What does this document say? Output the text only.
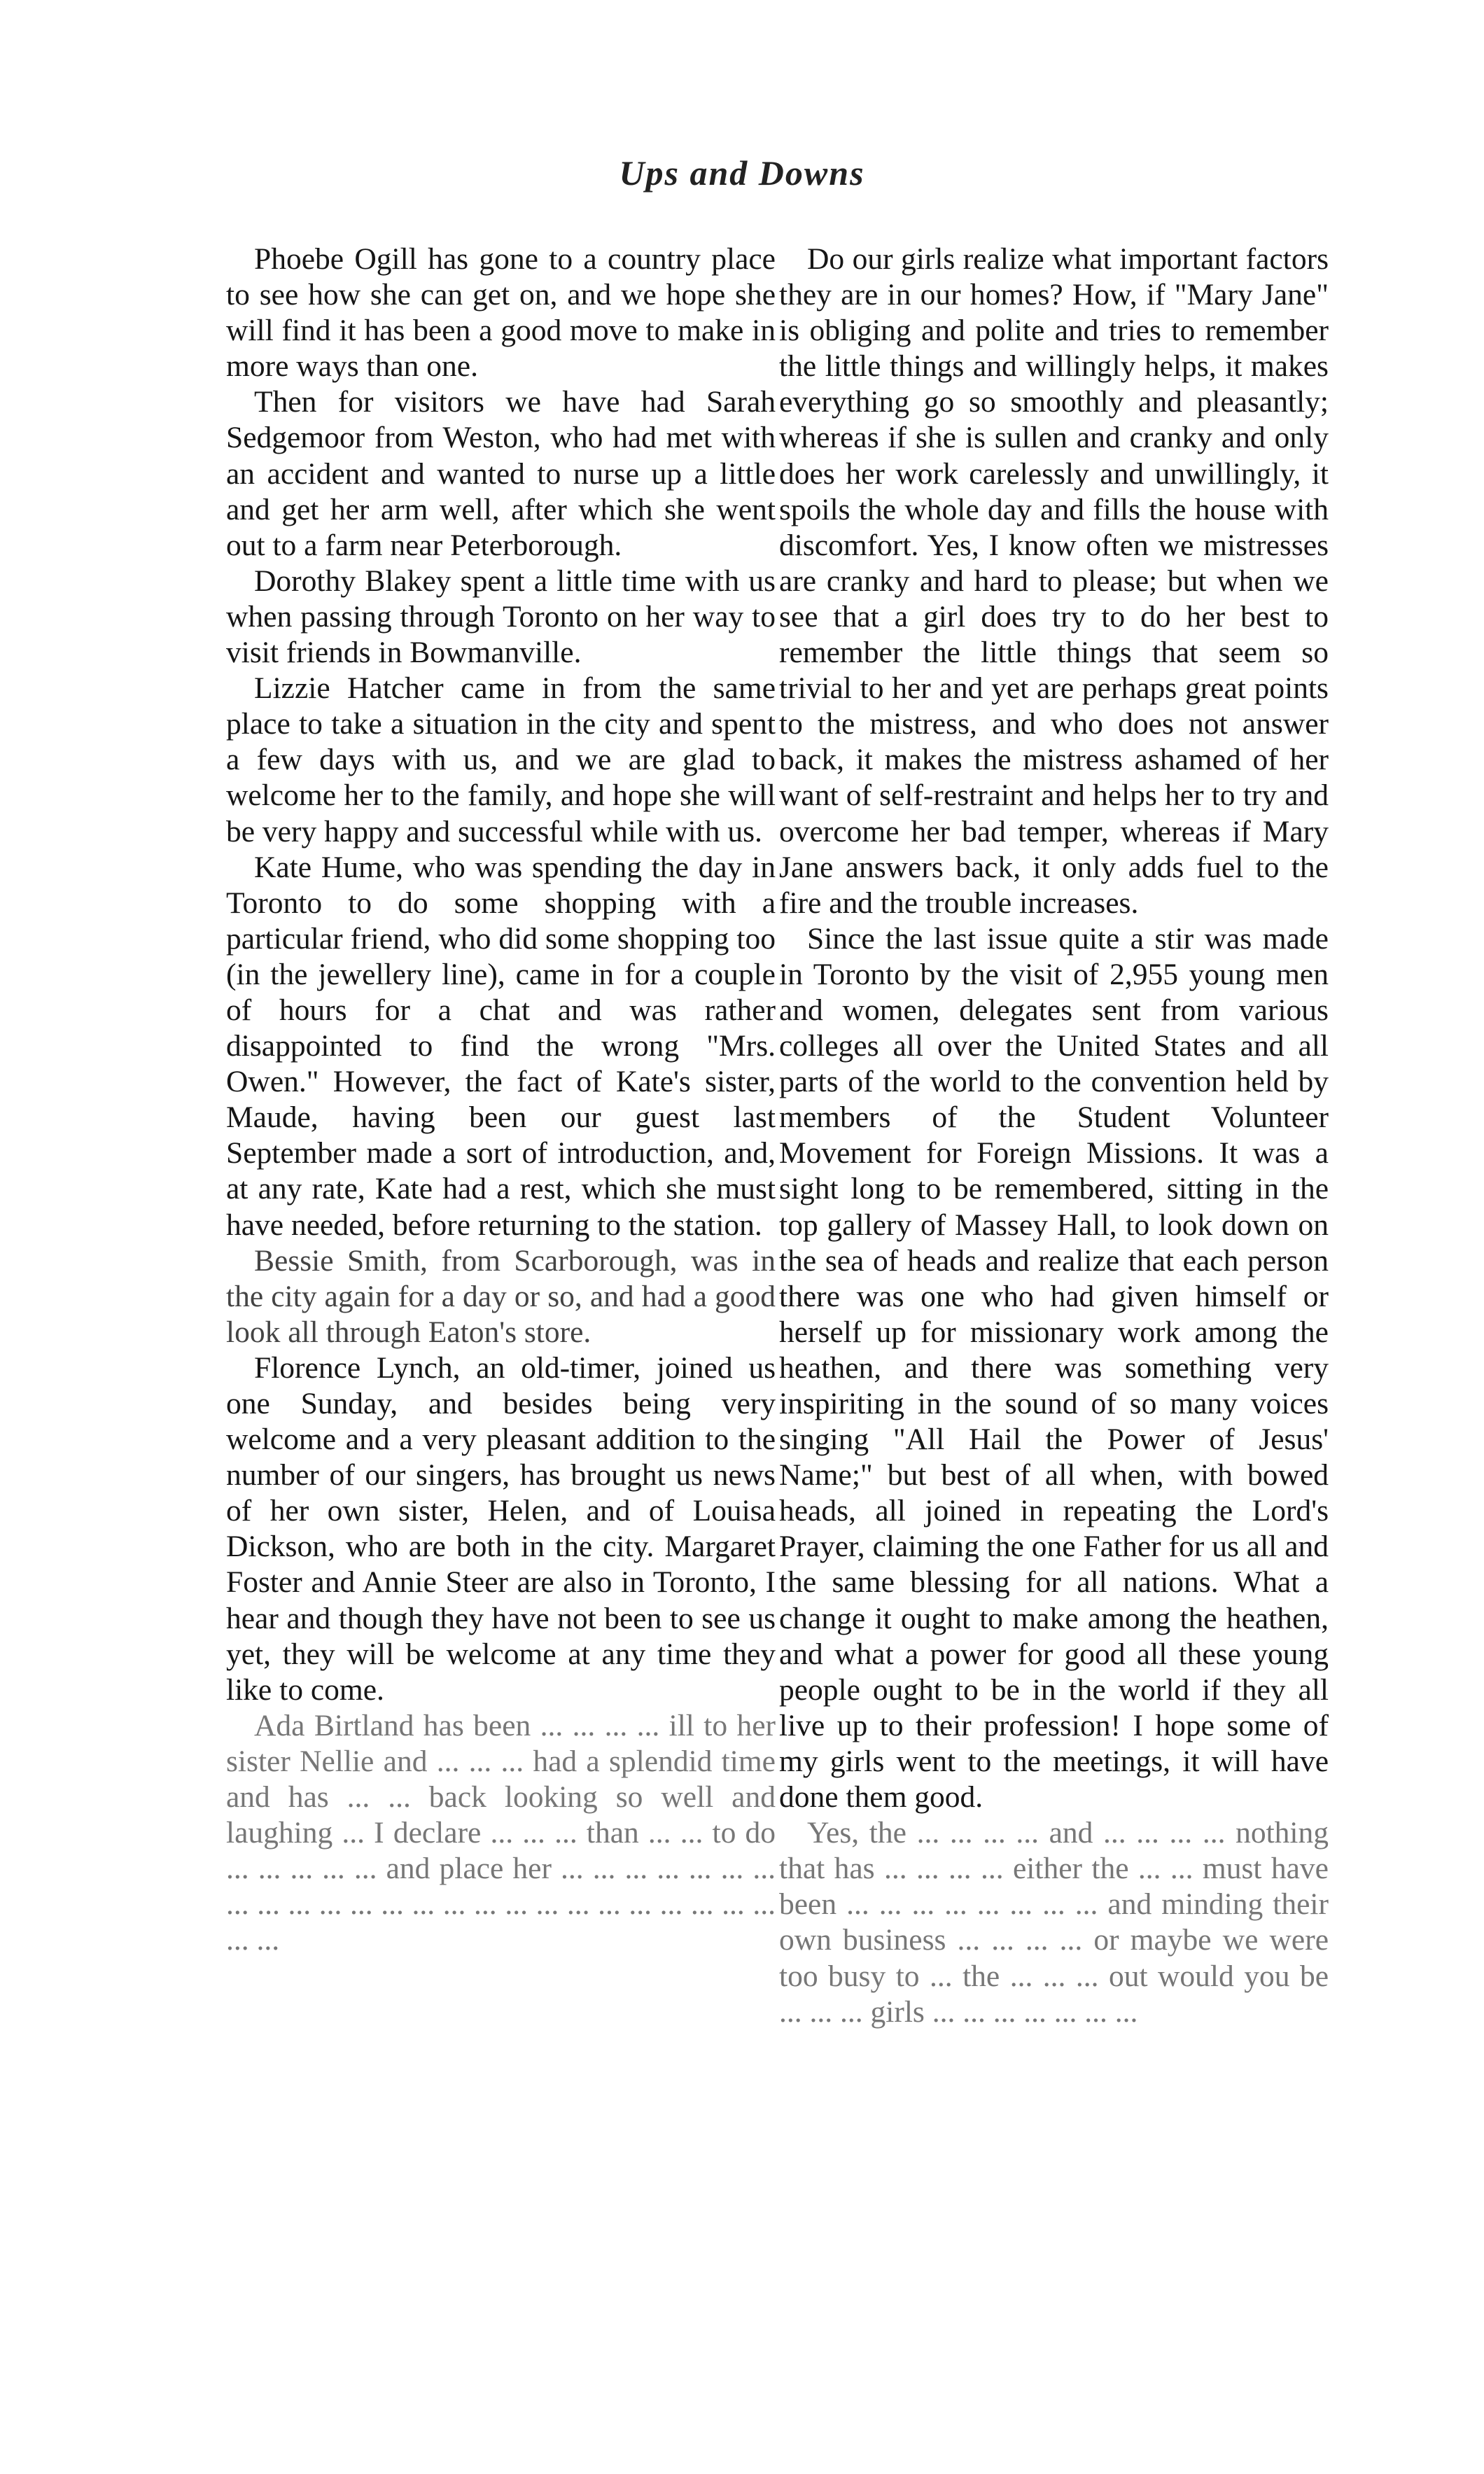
Ups and Downs

Phoebe Ogill has gone to a country place to see how she can get on, and we hope she will find it has been a good move to make in more ways than one.

Then for visitors we have had Sarah Sedgemoor from Weston, who had met with an accident and wanted to nurse up a little and get her arm well, after which she went out to a farm near Peterborough.

Dorothy Blakey spent a little time with us when passing through Toronto on her way to visit friends in Bowmanville.

Lizzie Hatcher came in from the same place to take a situation in the city and spent a few days with us, and we are glad to welcome her to the family, and hope she will be very happy and successful while with us.

Kate Hume, who was spending the day in Toronto to do some shopping with a particular friend, who did some shopping too (in the jewellery line), came in for a couple of hours for a chat and was rather disappointed to find the wrong "Mrs. Owen." However, the fact of Kate's sister, Maude, having been our guest last September made a sort of introduction, and, at any rate, Kate had a rest, which she must have needed, before returning to the station.

Bessie Smith, from Scarborough, was in the city again for a day or so, and had a good look all through Eaton's store.

Florence Lynch, an old-timer, joined us one Sunday, and besides being very welcome and a very pleasant addition to the number of our singers, has brought us news of her own sister, Helen, and of Louisa Dickson, who are both in the city. Margaret Foster and Annie Steer are also in Toronto, I hear and though they have not been to see us yet, they will be welcome at any time they like to come.

Ada Birtland has been ... ... ... ... ill to her sister Nellie and ... ... ... had a splendid time and has ... ... back looking so well and laughing ... I declare ... ... ... than ... ... to do ... ... ... ... ... and place her ... ... ... ... ... ... ... ... ... ... ... ... ... ... ... ... ... ... ... ... ... ... ... ... ... ... ...

Do our girls realize what important factors they are in our homes? How, if "Mary Jane" is obliging and polite and tries to remember the little things and willingly helps, it makes everything go so smoothly and pleasantly; whereas if she is sullen and cranky and only does her work carelessly and unwillingly, it spoils the whole day and fills the house with discomfort. Yes, I know often we mistresses are cranky and hard to please; but when we see that a girl does try to do her best to remember the little things that seem so trivial to her and yet are perhaps great points to the mistress, and who does not answer back, it makes the mistress ashamed of her want of self-restraint and helps her to try and overcome her bad temper, whereas if Mary Jane answers back, it only adds fuel to the fire and the trouble increases.

Since the last issue quite a stir was made in Toronto by the visit of 2,955 young men and women, delegates sent from various colleges all over the United States and all parts of the world to the convention held by members of the Student Volunteer Movement for Foreign Missions. It was a sight long to be remembered, sitting in the top gallery of Massey Hall, to look down on the sea of heads and realize that each person there was one who had given himself or herself up for missionary work among the heathen, and there was something very inspiriting in the sound of so many voices singing "All Hail the Power of Jesus' Name;" but best of all when, with bowed heads, all joined in repeating the Lord's Prayer, claiming the one Father for us all and the same blessing for all nations. What a change it ought to make among the heathen, and what a power for good all these young people ought to be in the world if they all live up to their profession! I hope some of my girls went to the meetings, it will have done them good.

Yes, the ... ... ... ... and ... ... ... ... nothing that has ... ... ... ... either the ... ... must have been ... ... ... ... ... ... ... ... and minding their own business ... ... ... ... or maybe we were too busy to ... the ... ... ... out would you be ... ... ... girls ... ... ... ... ... ... ...
